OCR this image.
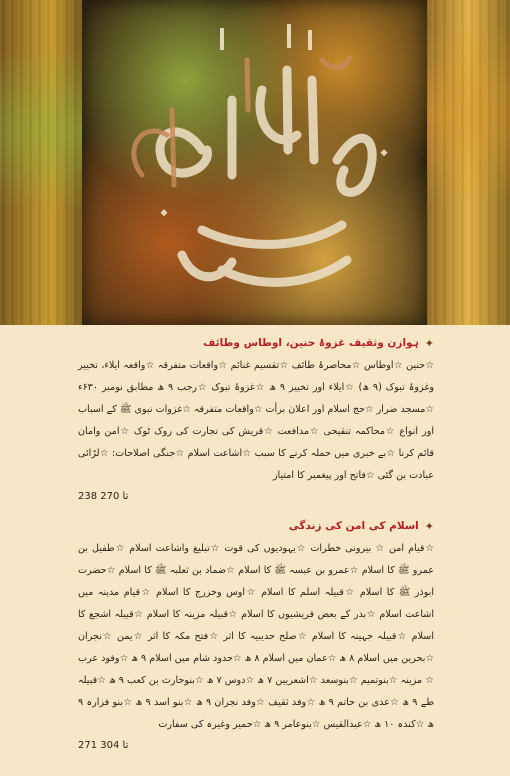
✦
ہوازن وثقیف غزوۂ حنین، اوطاس وطائف
☆حنین ☆اوطاس ☆محاصرۂ طائف ☆تقسیم غنائم ☆واقعات متفرقہ ☆واقعہ ایلاء، تخییر وغزوۂ تبوک (۹ ھ) ☆ایلاء اور تخییر ۹ ھ ☆غزوۂ تبوک ☆رجب ۹ ھ مطابق نومبر ۶۳۰ء ☆مسجد ضرار ☆حج اسلام اور اعلان برأت ☆واقعات متفرقہ ☆غزوات نبوی ﷺ کے اسباب اور انواع ☆محاکمہ تنقیحی ☆مدافعت ☆قریش کی تجارت کی روک ٹوک ☆امن وامان قائم کرنا ☆بے خبری میں حملہ کرنے کا سبب ☆اشاعت اسلام ☆جنگی اصلاحات: ☆لڑائی عبادت بن گئی ☆فاتح اور پیغمبر کا امتیاز
238 تا 270
✦
اسلام کی امن کی زندگی
☆قیام امن ☆ بیرونی خطرات ☆یہودیوں کی قوت ☆تبلیغ واشاعت اسلام ☆طفیل بن عمرو ﷺ کا اسلام ☆عمرو بن عبسہ ﷺ کا اسلام ☆ضماد بن ثعلبہ ﷺ کا اسلام ☆حضرت ابوذر ﷺ کا اسلام ☆قبیلہ اسلم کا اسلام ☆اوس وخزرج کا اسلام ☆قیام مدینہ میں اشاعت اسلام ☆بدر کے بعض قریشیوں کا اسلام ☆قبیلہ مزینہ کا اسلام ☆قبیلہ اشجع کا اسلام ☆قبیلہ جہینہ کا اسلام ☆صلح حدیبیہ کا اثر ☆فتح مکہ کا اثر ☆یمن ☆نجران ☆بحرین میں اسلام ۸ ھ ☆عمان میں اسلام ۸ ھ ☆حدود شام میں اسلام ۹ ھ ☆وفود عرب ☆ مزینہ ☆بنوتمیم ☆بنوسعد ☆اشعریین ۷ ھ ☆دوس ۷ ھ ☆بنوحارث بن کعب ۹ ھ ☆قبیلہ طے ۹ ھ ☆عدی بن حاتم ۹ ھ ☆وفد ثقیف ☆وفد نجران ۹ ھ ☆بنو اسد ۹ ھ ☆بنو فزارہ ۹ ھ ☆کندہ ۱۰ ھ ☆عبدالقیس ☆بنوعامر ۹ ھ ☆حمیر وغیرہ کی سفارت
271 تا 304
